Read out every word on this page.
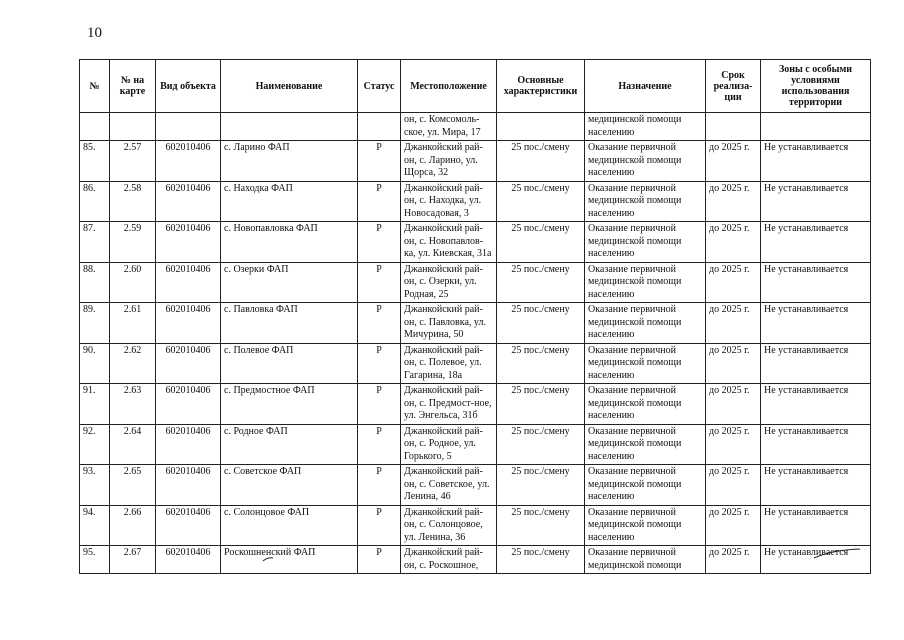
10
№	№ на карте	Вид объекта	Наименование	Статус	Местоположение	Основные характеристики	Назначение	Срок реализа-ции	Зоны с особыми условиями использования территории
					он, с. Комсомоль-ское, ул. Мира, 17		медицинской помощи населению		
85.	2.57	602010406	с. Ларино ФАП	Р	Джанкойский рай-он, с. Ларино, ул. Щорса, 32	25 пос./смену	Оказание первичной медицинской помощи населению	до 2025 г.	Не устанавливается
86.	2.58	602010406	с. Находка ФАП	Р	Джанкойский рай-он, с. Находка, ул. Новосадовая, 3	25 пос./смену	Оказание первичной медицинской помощи населению	до 2025 г.	Не устанавливается
87.	2.59	602010406	с. Новопавловка ФАП	Р	Джанкойский рай-он, с. Новопавлов-ка, ул. Киевская, 31а	25 пос./смену	Оказание первичной медицинской помощи населению	до 2025 г.	Не устанавливается
88.	2.60	602010406	с. Озерки ФАП	Р	Джанкойский рай-он, с. Озерки, ул. Родная, 25	25 пос./смену	Оказание первичной медицинской помощи населению	до 2025 г.	Не устанавливается
89.	2.61	602010406	с. Павловка ФАП	Р	Джанкойский рай-он, с. Павловка, ул. Мичурина, 50	25 пос./смену	Оказание первичной медицинской помощи населению	до 2025 г.	Не устанавливается
90.	2.62	602010406	с. Полевое ФАП	Р	Джанкойский рай-он, с. Полевое, ул. Гагарина, 18а	25 пос./смену	Оказание первичной медицинской помощи населению	до 2025 г.	Не устанавливается
91.	2.63	602010406	с. Предмостное ФАП	Р	Джанкойский рай-он, с. Предмост-ное, ул. Энгельса, 31б	25 пос./смену	Оказание первичной медицинской помощи населению	до 2025 г.	Не устанавливается
92.	2.64	602010406	с. Родное ФАП	Р	Джанкойский рай-он, с. Родное, ул. Горького, 5	25 пос./смену	Оказание первичной медицинской помощи населению	до 2025 г.	Не устанавливается
93.	2.65	602010406	с. Советское ФАП	Р	Джанкойский рай-он, с. Советское, ул. Ленина, 46	25 пос./смену	Оказание первичной медицинской помощи населению	до 2025 г.	Не устанавливается
94.	2.66	602010406	с. Солонцовое ФАП	Р	Джанкойский рай-он, с. Солонцовое, ул. Ленина, 36	25 пос./смену	Оказание первичной медицинской помощи населению	до 2025 г.	Не устанавливается
95.	2.67	602010406	Роскошненский ФАП	Р	Джанкойский рай-он, с. Роскошное,	25 пос./смену	Оказание первичной медицинской помощи	до 2025 г.	Не устанавливается
